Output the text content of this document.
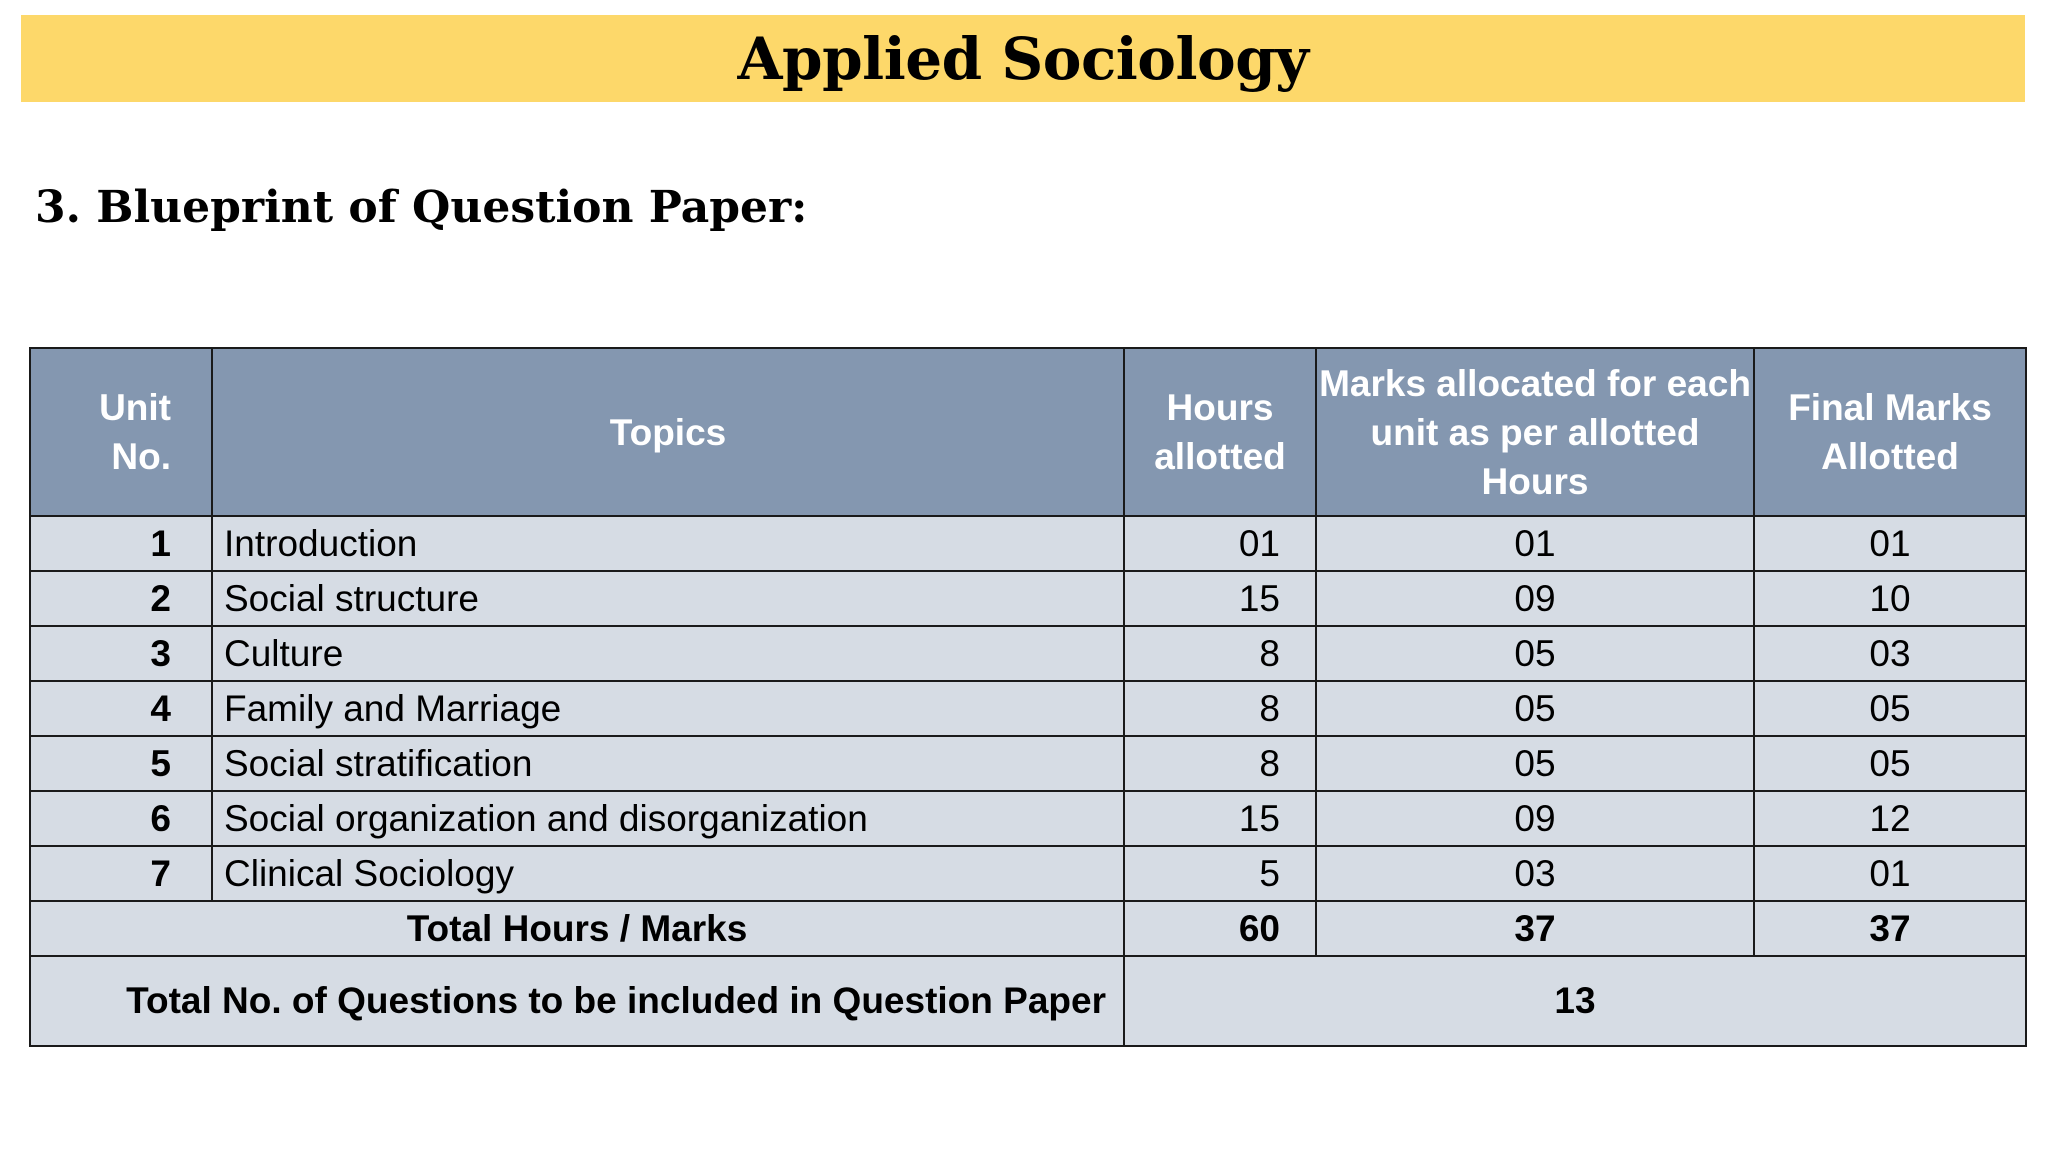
Applied Sociology
3. Blueprint of Question Paper:
Unit No.	Topics	Hours allotted	Marks allocated for each unit as per allotted Hours	Final Marks Allotted
1	Introduction	01	01	01
2	Social structure	15	09	10
3	Culture	8	05	03
4	Family and Marriage	8	05	05
5	Social stratification	8	05	05
6	Social organization and disorganization	15	09	12
7	Clinical Sociology	5	03	01
Total Hours / Marks		60	37	37
Total No. of Questions to be included in Question Paper		13		
